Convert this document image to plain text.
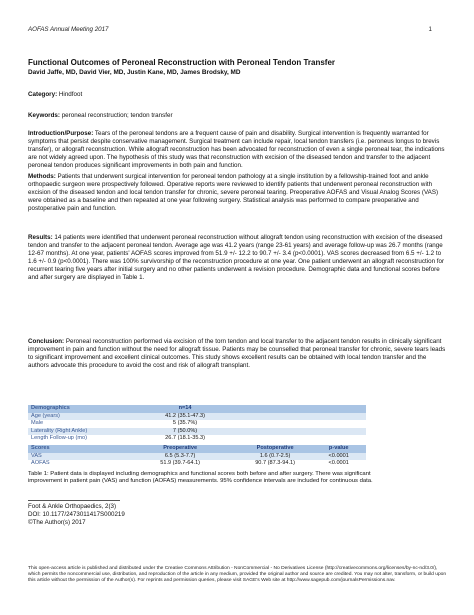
AOFAS Annual Meeting 2017	1
Functional Outcomes of Peroneal Reconstruction with Peroneal Tendon Transfer
David Jaffe, MD, David Vier, MD, Justin Kane, MD, James Brodsky, MD
Category: Hindfoot
Keywords: peroneal reconstruction; tendon transfer
Introduction/Purpose: Tears of the peroneal tendons are a frequent cause of pain and disability. Surgical intervention is frequently warranted for symptoms that persist despite conservative management. Surgical treatment can include repair, local tendon transfers (i.e. peroneus longus to brevis transfer), or allograft reconstruction. While allograft reconstruction has been advocated for reconstruction of even a single peroneal tear, the indications are not widely agreed upon. The hypothesis of this study was that reconstruction with excision of the diseased tendon and transfer to the adjacent peroneal tendon produces significant improvements in both pain and function.
Methods: Patients that underwent surgical intervention for peroneal tendon pathology at a single institution by a fellowship-trained foot and ankle orthopaedic surgeon were prospectively followed. Operative reports were reviewed to identify patients that underwent peroneal reconstruction with excision of the diseased tendon and local tendon transfer for chronic, severe peroneal tearing. Preoperative AOFAS and Visual Analog Scores (VAS) were obtained as a baseline and then repeated at one year following surgery. Statistical analysis was performed to compare preoperative and postoperative pain and function.
Results: 14 patients were identified that underwent peroneal reconstruction without allograft tendon using reconstruction with excision of the diseased tendon and transfer to the adjacent peroneal tendon. Average age was 41.2 years (range 23-61 years) and average follow-up was 26.7 months (range 12-67 months). At one year, patients' AOFAS scores improved from 51.9 +/- 12.2 to 90.7 +/- 3.4 (p<0.0001). VAS scores decreased from 6.5 +/- 1.2 to 1.6 +/- 0.9 (p<0.0001). There was 100% survivorship of the reconstruction procedure at one year. One patient underwent an allograft reconstruction for recurrent tearing five years after initial surgery and no other patients underwent a revision procedure. Demographic data and functional scores before and after surgery are displayed in Table 1.
Conclusion: Peroneal reconstruction performed via excision of the torn tendon and local transfer to the adjacent tendon results in clinically significant improvement in pain and function without the need for allograft tissue. Patients may be counselled that peroneal transfer for chronic, severe tears leads to significant improvement and excellent clinical outcomes. This study shows excellent results can be obtained with local tendon transfer and the authors advocate this procedure to avoid the cost and risk of allograft transplant.
Demographics	n=14		
Age (years)	41.2 (35.1-47.3)		
Male	5 (35.7%)		
Laterality (Right Ankle)	7 (50.0%)		
Length Follow-up (mo)	26.7 (18.1-35.3)		
Scores	Preoperative	Postoperative	p-value
VAS	6.5 (5.3-7.7)	1.6 (0.7-2.5)	<0.0001
AOFAS	51.9 (39.7-64.1)	90.7 (87.3-94.1)	<0.0001
Table 1: Patient data is displayed including demographics and functional scores both before and after surgery. There was significant improvement in patient pain (VAS) and function (AOFAS) measurements. 95% confidence intervals are included for continuous data.
Foot & Ankle Orthopaedics, 2(3)
DOI: 10.1177/2473011417S000219
©The Author(s) 2017
This open-access article is published and distributed under the Creative Commons Attribution - NonCommercial - No Derivatives License (http://creativecommons.org/licenses/by-nc-nd/3.0/), which permits the noncommercial use, distribution, and reproduction of the article in any medium, provided the original author and source are credited. You may not alter, transform, or build upon this article without the permission of the Author(s). For reprints and permission queries, please visit SAGE's Web site at http://www.sagepub.com/journalsPermissions.nav.
